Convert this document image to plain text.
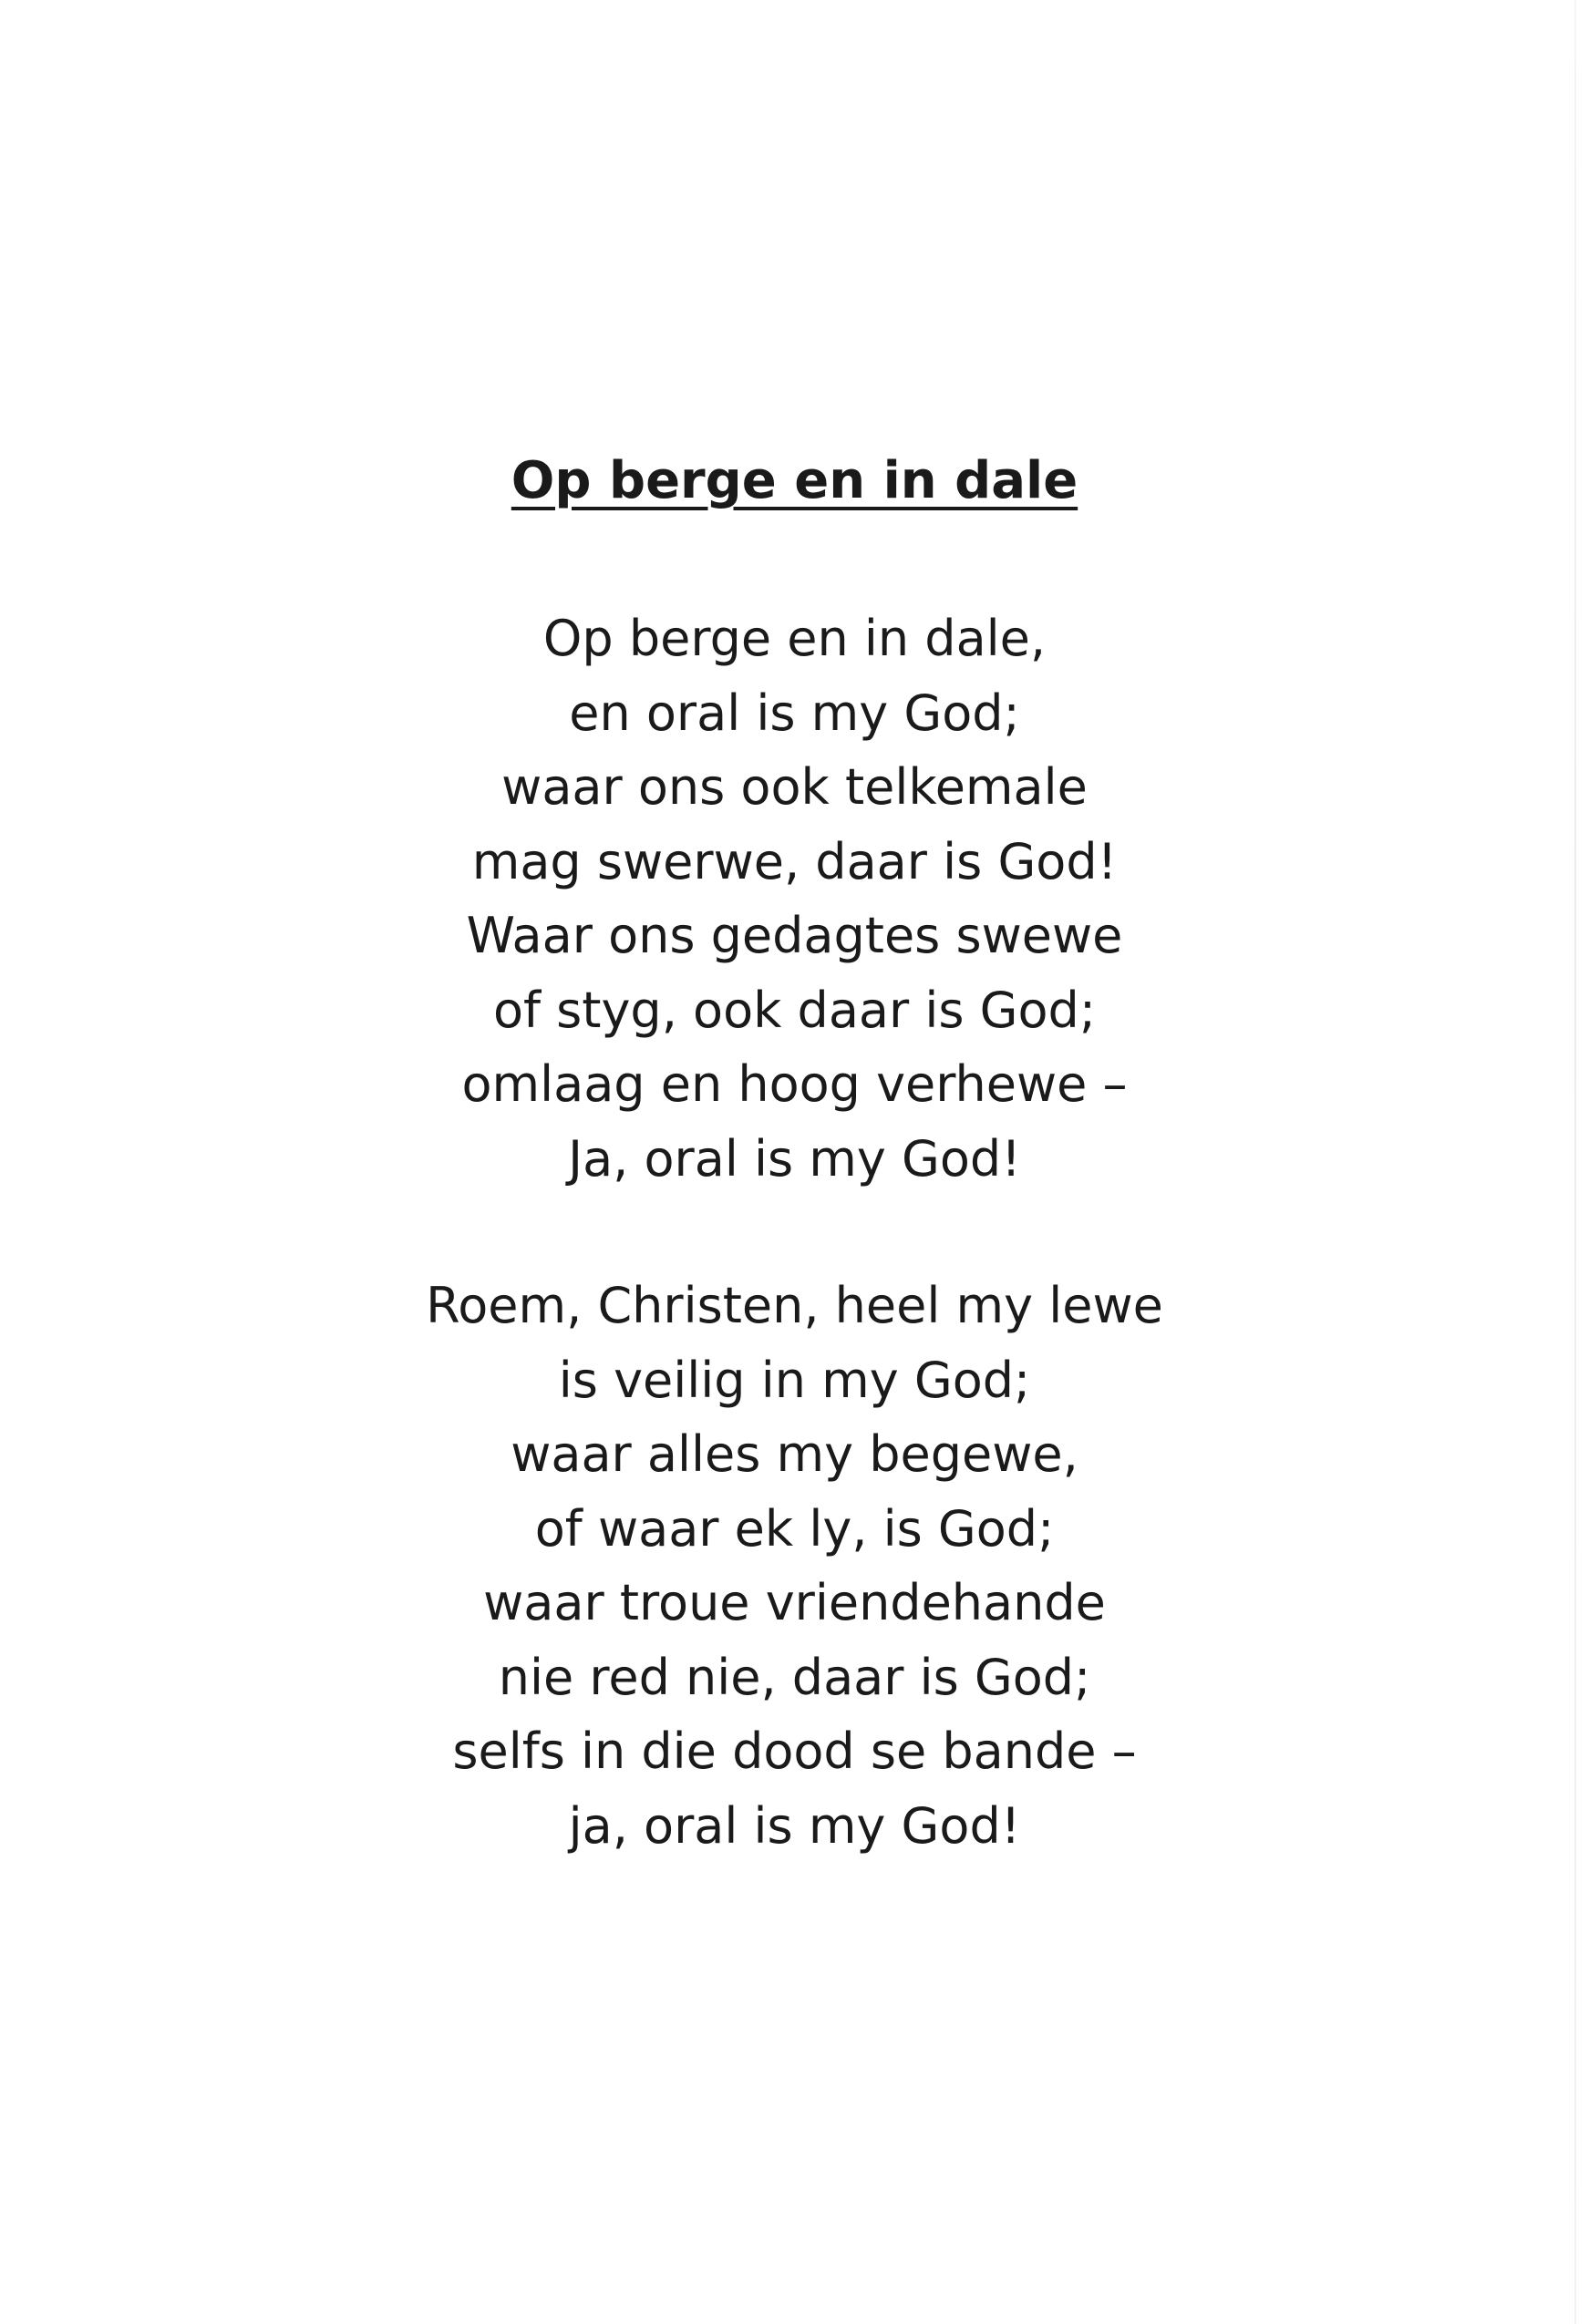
Op berge en in dale
Op berge en in dale,
en oral is my God;
waar ons ook telkemale
mag swerwe, daar is God!
Waar ons gedagtes swewe
of styg, ook daar is God;
omlaag en hoog verhewe –
Ja, oral is my God!
Roem, Christen, heel my lewe
is veilig in my God;
waar alles my begewe,
of waar ek ly, is God;
waar troue vriendehande
nie red nie, daar is God;
selfs in die dood se bande –
ja, oral is my God!
